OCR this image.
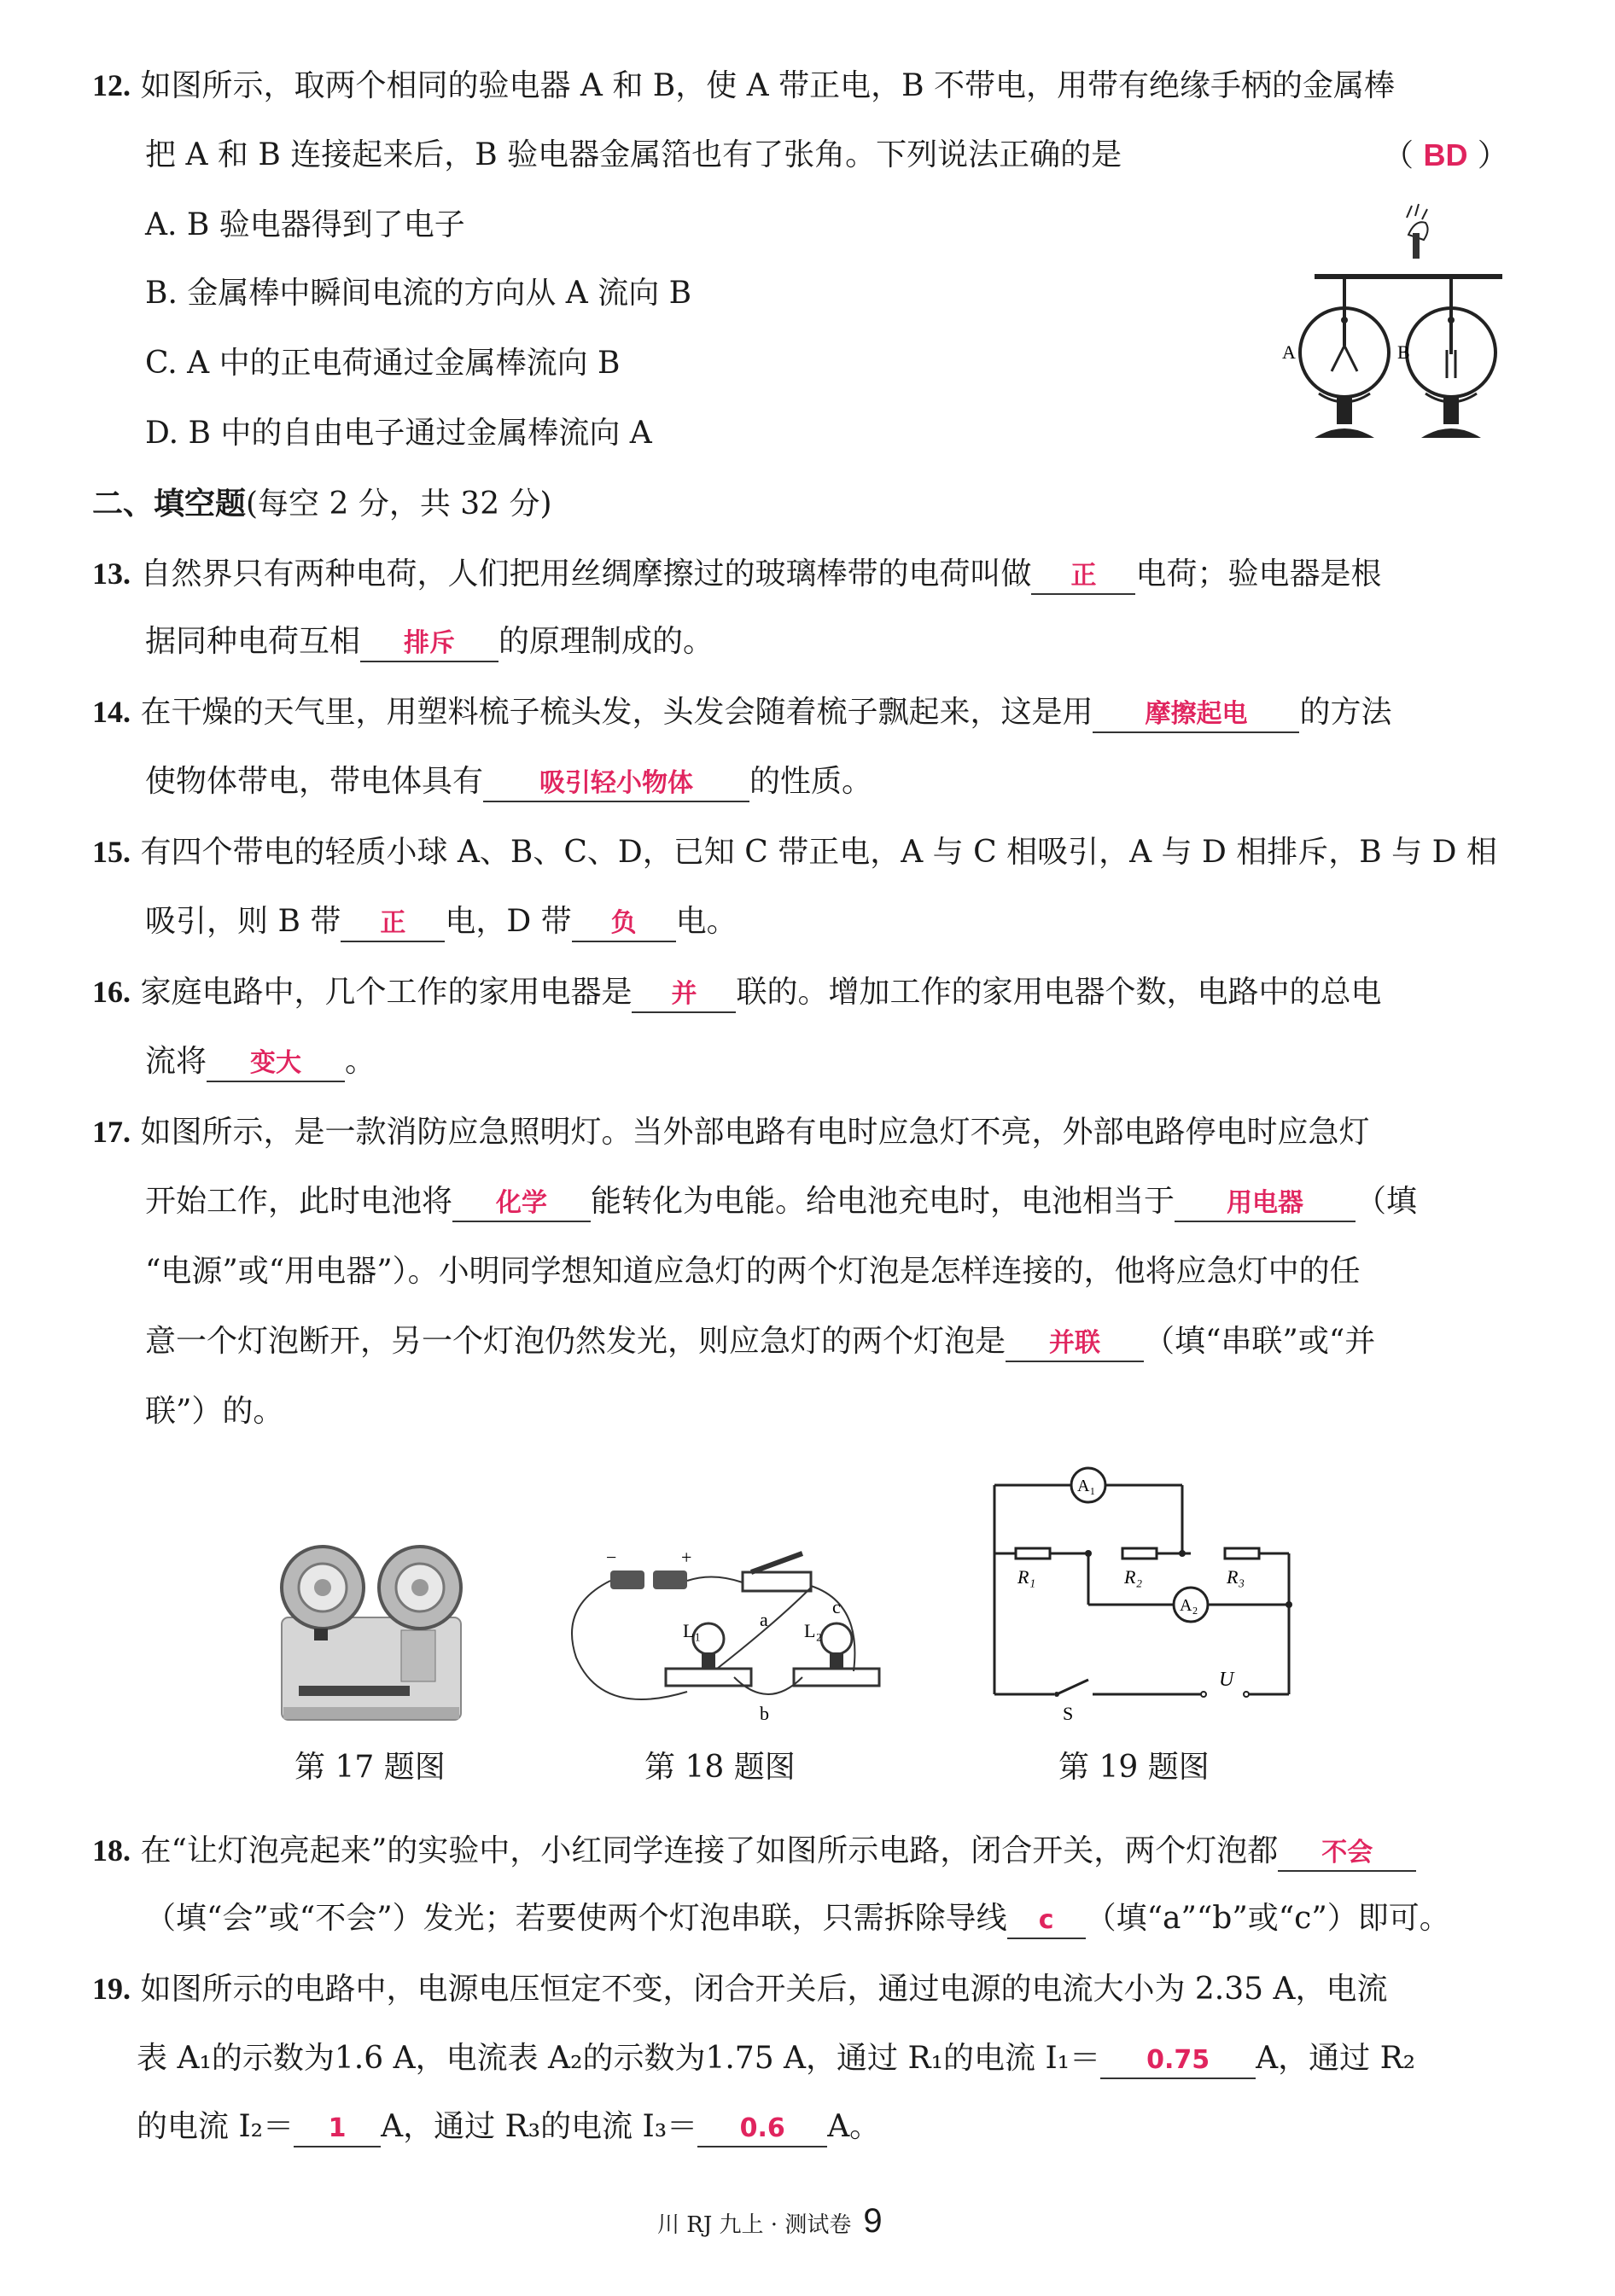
12. 如图所示，取两个相同的验电器 A 和 B，使 A 带正电，B 不带电，用带有绝缘手柄的金属棒
把 A 和 B 连接起来后，B 验电器金属箔也有了张角。下列说法正确的是	（ BD ）
A. B 验电器得到了电子
B. 金属棒中瞬间电流的方向从 A 流向 B
C. A 中的正电荷通过金属棒流向 B
D. B 中的自由电子通过金属棒流向 A
A	B
二、填空题(每空 2 分，共 32 分)
13. 自然界只有两种电荷，人们把用丝绸摩擦过的玻璃棒带的电荷叫做 正 电荷；验电器是根
据同种电荷互相 排斥 的原理制成的。
14. 在干燥的天气里，用塑料梳子梳头发，头发会随着梳子飘起来，这是用 摩擦起电 的方法
使物体带电，带电体具有 吸引轻小物体 的性质。
15. 有四个带电的轻质小球 A、B、C、D，已知 C 带正电，A 与 C 相吸引，A 与 D 相排斥，B 与 D 相
吸引，则 B 带 正 电，D 带 负 电。
16. 家庭电路中，几个工作的家用电器是 并 联的。增加工作的家用电器个数，电路中的总电
流将 变大 。
17. 如图所示，是一款消防应急照明灯。当外部电路有电时应急灯不亮，外部电路停电时应急灯
开始工作，此时电池将 化学 能转化为电能。给电池充电时，电池相当于 用电器 （填
“电源”或“用电器”）。小明同学想知道应急灯的两个灯泡是怎样连接的，他将应急灯中的任
意一个灯泡断开，另一个灯泡仍然发光，则应急灯的两个灯泡是 并联 （填“串联”或“并
联”）的。
第 17 题图
−	+
a
b
c
L₁	L₂
第 18 题图
A₁
A₂
R₁	R₂	R₃
S
U
第 19 题图
18. 在“让灯泡亮起来”的实验中，小红同学连接了如图所示电路，闭合开关，两个灯泡都 不会
（填“会”或“不会”）发光；若要使两个灯泡串联，只需拆除导线 c （填“a”“b”或“c”）即可。
19. 如图所示的电路中，电源电压恒定不变，闭合开关后，通过电源的电流大小为 2.35 A，电流
表 A₁的示数为1.6 A，电流表 A₂的示数为1.75 A，通过 R₁的电流 I₁＝ 0.75 A，通过 R₂
的电流 I₂＝ 1 A，通过 R₃的电流 I₃＝ 0.6 A。
川 RJ 九上 · 测试卷 9
